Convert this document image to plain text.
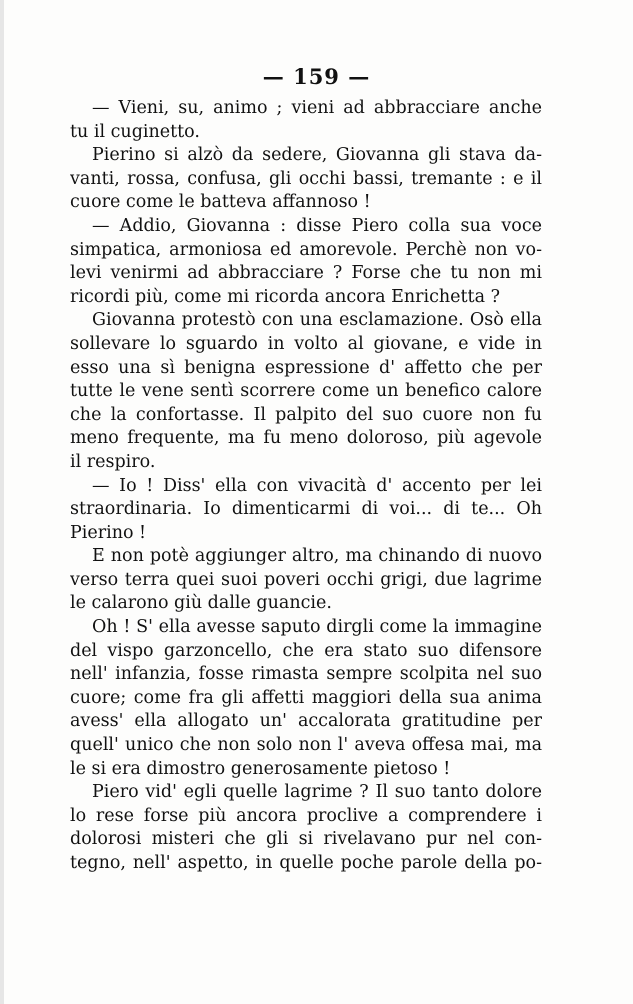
— 159 —
— Vieni, su, animo ; vieni ad abbracciare anche
tu il cuginetto.
Pierino si alzò da sedere, Giovanna gli stava da-
vanti, rossa, confusa, gli occhi bassi, tremante : e il
cuore come le batteva affannoso !
— Addio, Giovanna : disse Piero colla sua voce
simpatica, armoniosa ed amorevole. Perchè non vo-
levi venirmi ad abbracciare ? Forse che tu non mi
ricordi più, come mi ricorda ancora Enrichetta ?
Giovanna protestò con una esclamazione. Osò ella
sollevare lo sguardo in volto al giovane, e vide in
esso una sì benigna espressione d' affetto che per
tutte le vene sentì scorrere come un benefico calore
che la confortasse. Il palpito del suo cuore non fu
meno frequente, ma fu meno doloroso, più agevole
il respiro.
— Io ! Diss' ella con vivacità d' accento per lei
straordinaria. Io dimenticarmi di voi... di te... Oh
Pierino !
E non potè aggiunger altro, ma chinando di nuovo
verso terra quei suoi poveri occhi grigi, due lagrime
le calarono giù dalle guancie.
Oh ! S' ella avesse saputo dirgli come la immagine
del vispo garzoncello, che era stato suo difensore
nell' infanzia, fosse rimasta sempre scolpita nel suo
cuore; come fra gli affetti maggiori della sua anima
avess' ella allogato un' accalorata gratitudine per
quell' unico che non solo non l' aveva offesa mai, ma
le si era dimostro generosamente pietoso !
Piero vid' egli quelle lagrime ? Il suo tanto dolore
lo rese forse più ancora proclive a comprendere i
dolorosi misteri che gli si rivelavano pur nel con-
tegno, nell' aspetto, in quelle poche parole della po-
